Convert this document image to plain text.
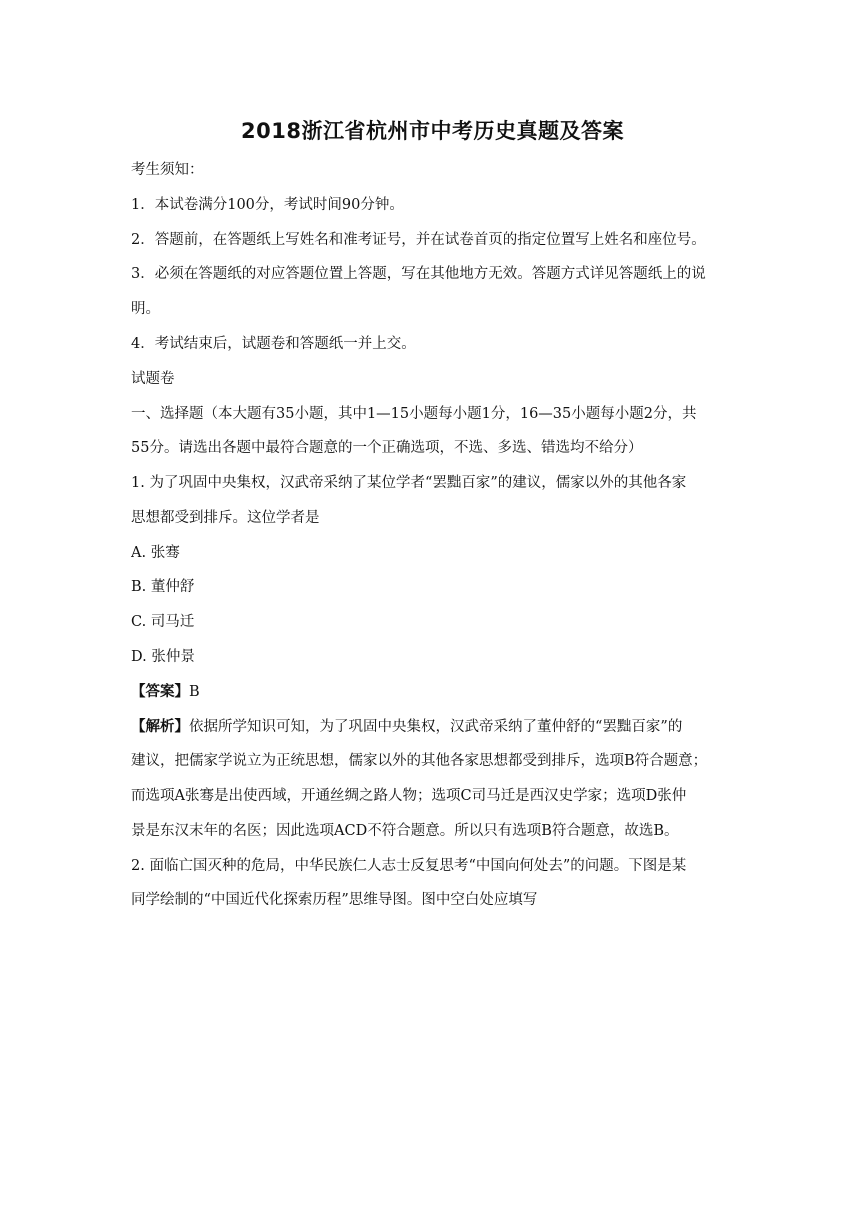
2018浙江省杭州市中考历史真题及答案
考生须知：
1．本试卷满分100分，考试时间90分钟。
2．答题前，在答题纸上写姓名和准考证号，并在试卷首页的指定位置写上姓名和座位号。
3．必须在答题纸的对应答题位置上答题，写在其他地方无效。答题方式详见答题纸上的说
明。
4．考试结束后，试题卷和答题纸一并上交。
试题卷
一、选择题（本大题有35小题，其中1—15小题每小题1分，16—35小题每小题2分，共
55分。请选出各题中最符合题意的一个正确选项，不选、多选、错选均不给分）
1. 为了巩固中央集权，汉武帝采纳了某位学者“罢黜百家”的建议，儒家以外的其他各家
思想都受到排斥。这位学者是
A. 张骞
B. 董仲舒
C. 司马迁
D. 张仲景
【答案】B
【解析】依据所学知识可知，为了巩固中央集权，汉武帝采纳了董仲舒的“罢黜百家”的
建议，把儒家学说立为正统思想，儒家以外的其他各家思想都受到排斥，选项B符合题意；
而选项A张骞是出使西域，开通丝绸之路人物；选项C司马迁是西汉史学家；选项D张仲
景是东汉末年的名医；因此选项ACD不符合题意。所以只有选项B符合题意，故选B。
2. 面临亡国灭种的危局，中华民族仁人志士反复思考“中国向何处去”的问题。下图是某
同学绘制的“中国近代化探索历程”思维导图。图中空白处应填写
